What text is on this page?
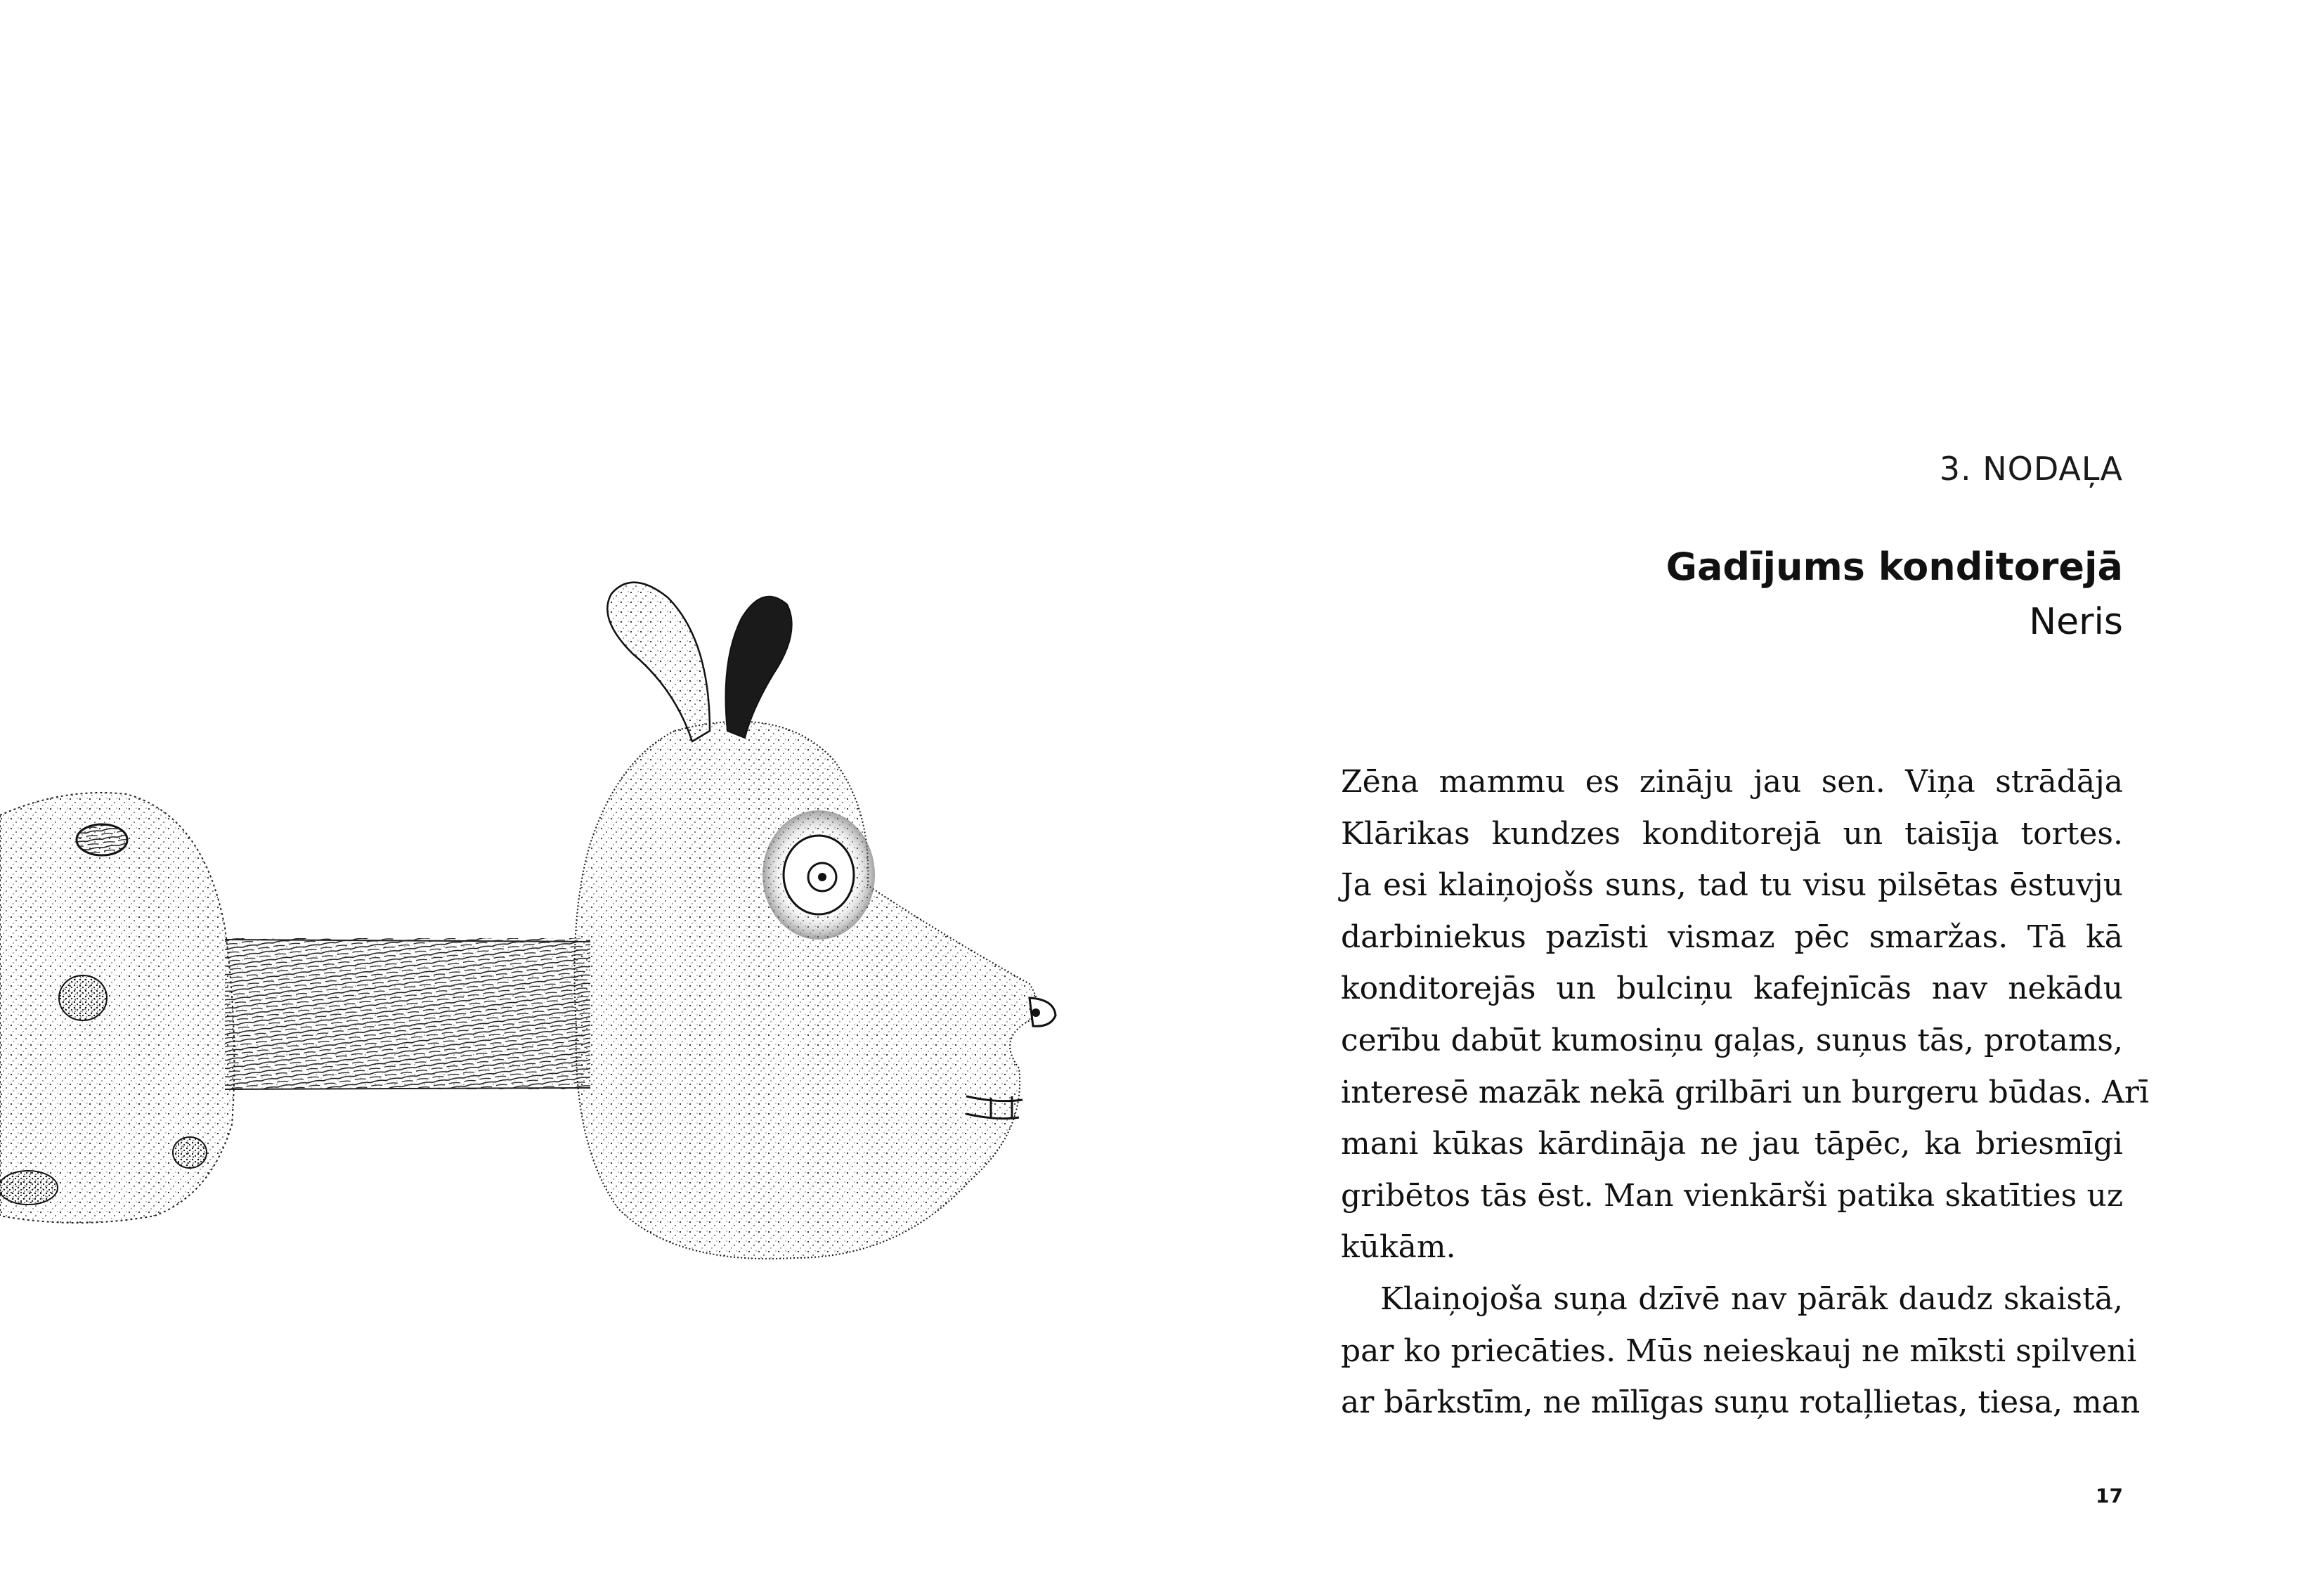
3. NODAĻA
Gadījums konditorejā
Neris
Zēna mammu es zināju jau sen. Viņa strādāja
Klārikas kundzes konditorejā un taisīja tortes.
Ja esi klaiņojošs suns, tad tu visu pilsētas ēstuvju
darbiniekus pazīsti vismaz pēc smaržas. Tā kā
konditorejās un bulciņu kafejnīcās nav nekādu
cerību dabūt kumosiņu gaļas, suņus tās, protams,
interesē mazāk nekā grilbāri un burgeru būdas. Arī
mani kūkas kārdināja ne jau tāpēc, ka briesmīgi
gribētos tās ēst. Man vienkārši patika skatīties uz
kūkām.
Klaiņojoša suņa dzīvē nav pārāk daudz skaistā,
par ko priecāties. Mūs neieskauj ne mīksti spilveni
ar bārkstīm, ne mīlīgas suņu rotaļlietas, tiesa, man
17
